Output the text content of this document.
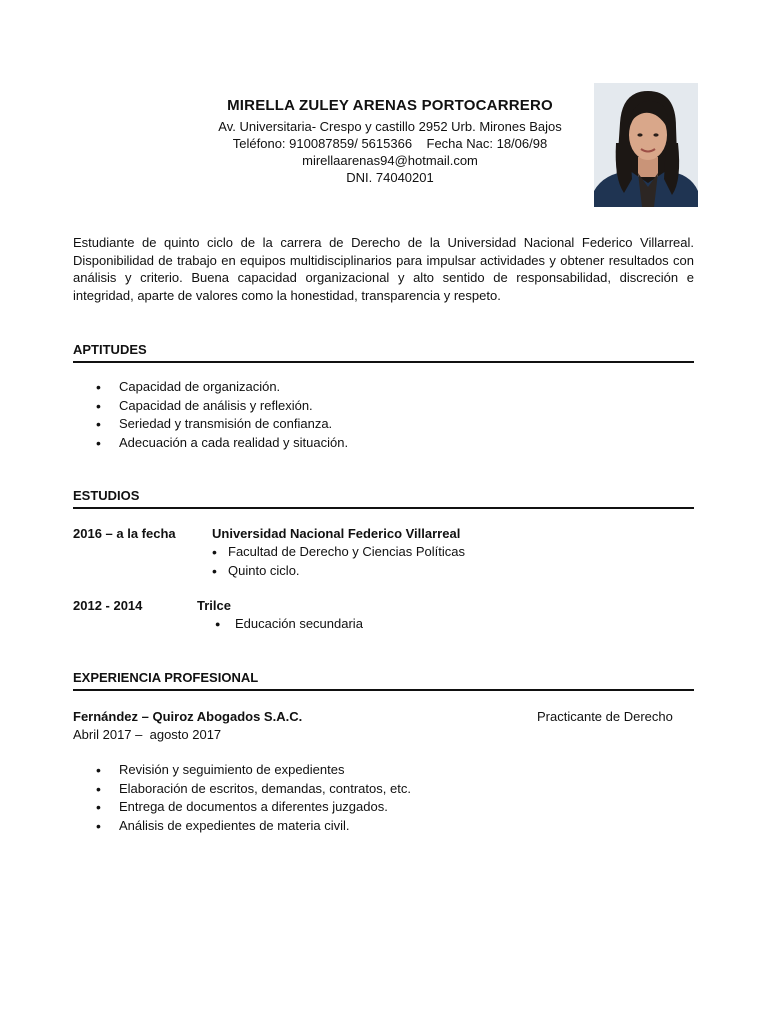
MIRELLA ZULEY ARENAS PORTOCARRERO
Av. Universitaria- Crespo y castillo 2952 Urb. Mirones Bajos
Teléfono: 910087859/ 5615366    Fecha Nac: 18/06/98
mirellaarenas94@hotmail.com
DNI. 74040201
Estudiante de quinto ciclo de la carrera de Derecho de la Universidad Nacional Federico Villarreal. Disponibilidad de trabajo en equipos multidisciplinarios para impulsar actividades y obtener resultados con análisis y criterio. Buena capacidad organizacional y alto sentido de responsabilidad, discreción e integridad, aparte de valores como la honestidad, transparencia y respeto.
APTITUDES
• Capacidad de organización.
• Capacidad de análisis y reflexión.
• Seriedad y transmisión de confianza.
• Adecuación a cada realidad y situación.
ESTUDIOS
2016 – a la fecha	Universidad Nacional Federico Villarreal
• Facultad de Derecho y Ciencias Políticas
• Quinto ciclo.
2012 - 2014	Trilce
● Educación secundaria
EXPERIENCIA PROFESIONAL
Fernández – Quiroz Abogados S.A.C.	Practicante de Derecho
Abril 2017 –  agosto 2017
• Revisión y seguimiento de expedientes
• Elaboración de escritos, demandas, contratos, etc.
• Entrega de documentos a diferentes juzgados.
• Análisis de expedientes de materia civil.
